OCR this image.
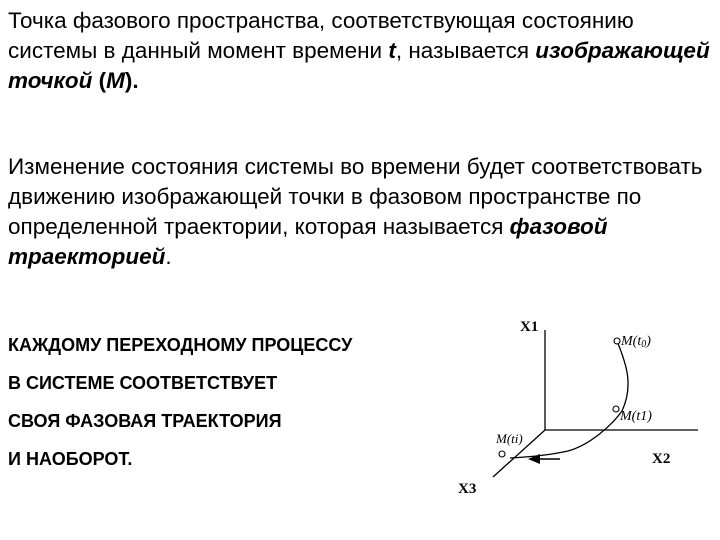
Точка фазового пространства, соответствующая состоянию системы в данный момент времени t, называется изображающей точкой (M).

Изменение состояния системы во времени будет соответствовать движению изображающей точки в фазовом пространстве по определенной траектории, которая называется фазовой траекторией.

КАЖДОМУ ПЕРЕХОДНОМУ ПРОЦЕССУ
В СИСТЕМЕ СООТВЕТСТВУЕТ
СВОЯ ФАЗОВАЯ ТРАЕКТОРИЯ
И НАОБОРОТ.
X1
X2
X3
M(t0)
M(t1)
M(ti)
